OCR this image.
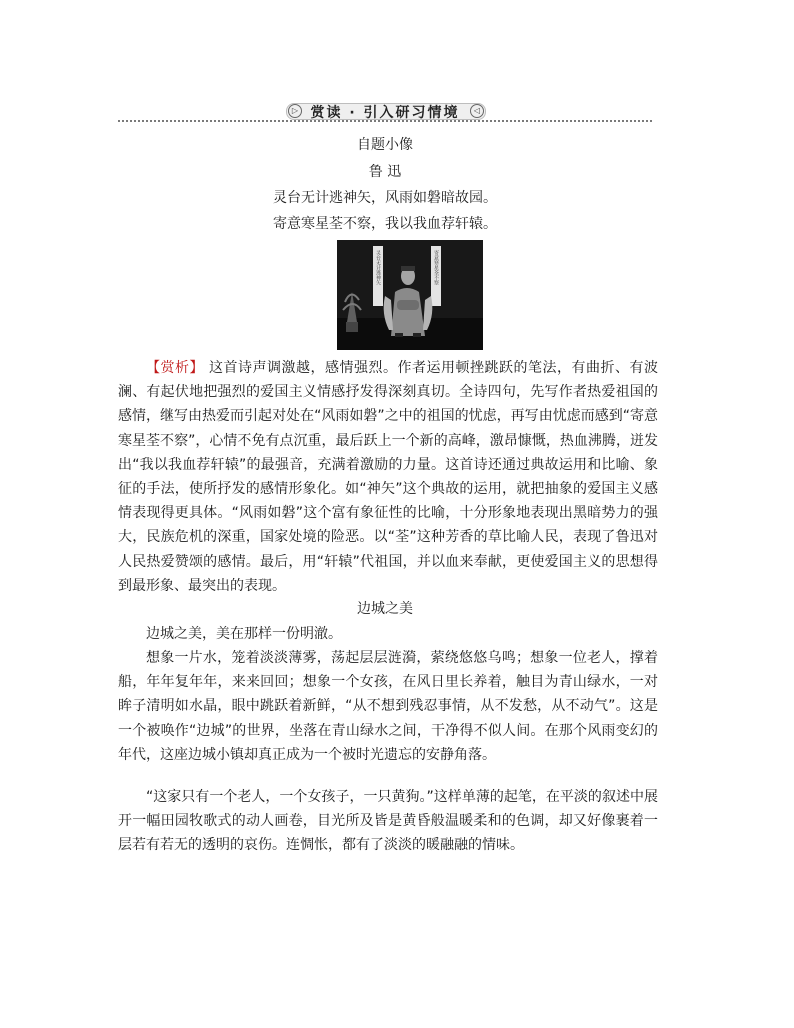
▷ 赏读 · 引入研习情境	◁
自题小像
鲁 迅
灵台无计逃神矢，风雨如磐暗故园。
寄意寒星荃不察，我以我血荐轩辕。
灵台无计逃神矢	寄意寒星荃不察
【赏析】 这首诗声调激越，感情强烈。作者运用顿挫跳跃的笔法，有曲折、有波澜、有起伏地把强烈的爱国主义情感抒发得深刻真切。全诗四句，先写作者热爱祖国的感情，继写由热爱而引起对处在“风雨如磐”之中的祖国的忧虑，再写由忧虑而感到“寄意寒星荃不察”，心情不免有点沉重，最后跃上一个新的高峰，激昂慷慨，热血沸腾，迸发出“我以我血荐轩辕”的最强音，充满着激励的力量。这首诗还通过典故运用和比喻、象征的手法，使所抒发的感情形象化。如“神矢”这个典故的运用，就把抽象的爱国主义感情表现得更具体。“风雨如磐”这个富有象征性的比喻，十分形象地表现出黑暗势力的强大，民族危机的深重，国家处境的险恶。以“荃”这种芳香的草比喻人民，表现了鲁迅对人民热爱赞颂的感情。最后，用“轩辕”代祖国，并以血来奉献，更使爱国主义的思想得到最形象、最突出的表现。
边城之美
边城之美，美在那样一份明澈。
想象一片水，笼着淡淡薄雾，荡起层层涟漪，萦绕悠悠乌鸣；想象一位老人，撑着船，年年复年年，来来回回；想象一个女孩，在风日里长养着，触目为青山绿水，一对眸子清明如水晶，眼中跳跃着新鲜，“从不想到残忍事情，从不发愁，从不动气”。这是一个被唤作“边城”的世界，坐落在青山绿水之间，干净得不似人间。在那个风雨变幻的年代，这座边城小镇却真正成为一个被时光遗忘的安静角落。
“这家只有一个老人，一个女孩子，一只黄狗。”这样单薄的起笔，在平淡的叙述中展开一幅田园牧歌式的动人画卷，目光所及皆是黄昏般温暖柔和的色调，却又好像裹着一层若有若无的透明的哀伤。连惆怅，都有了淡淡的暖融融的情味。
